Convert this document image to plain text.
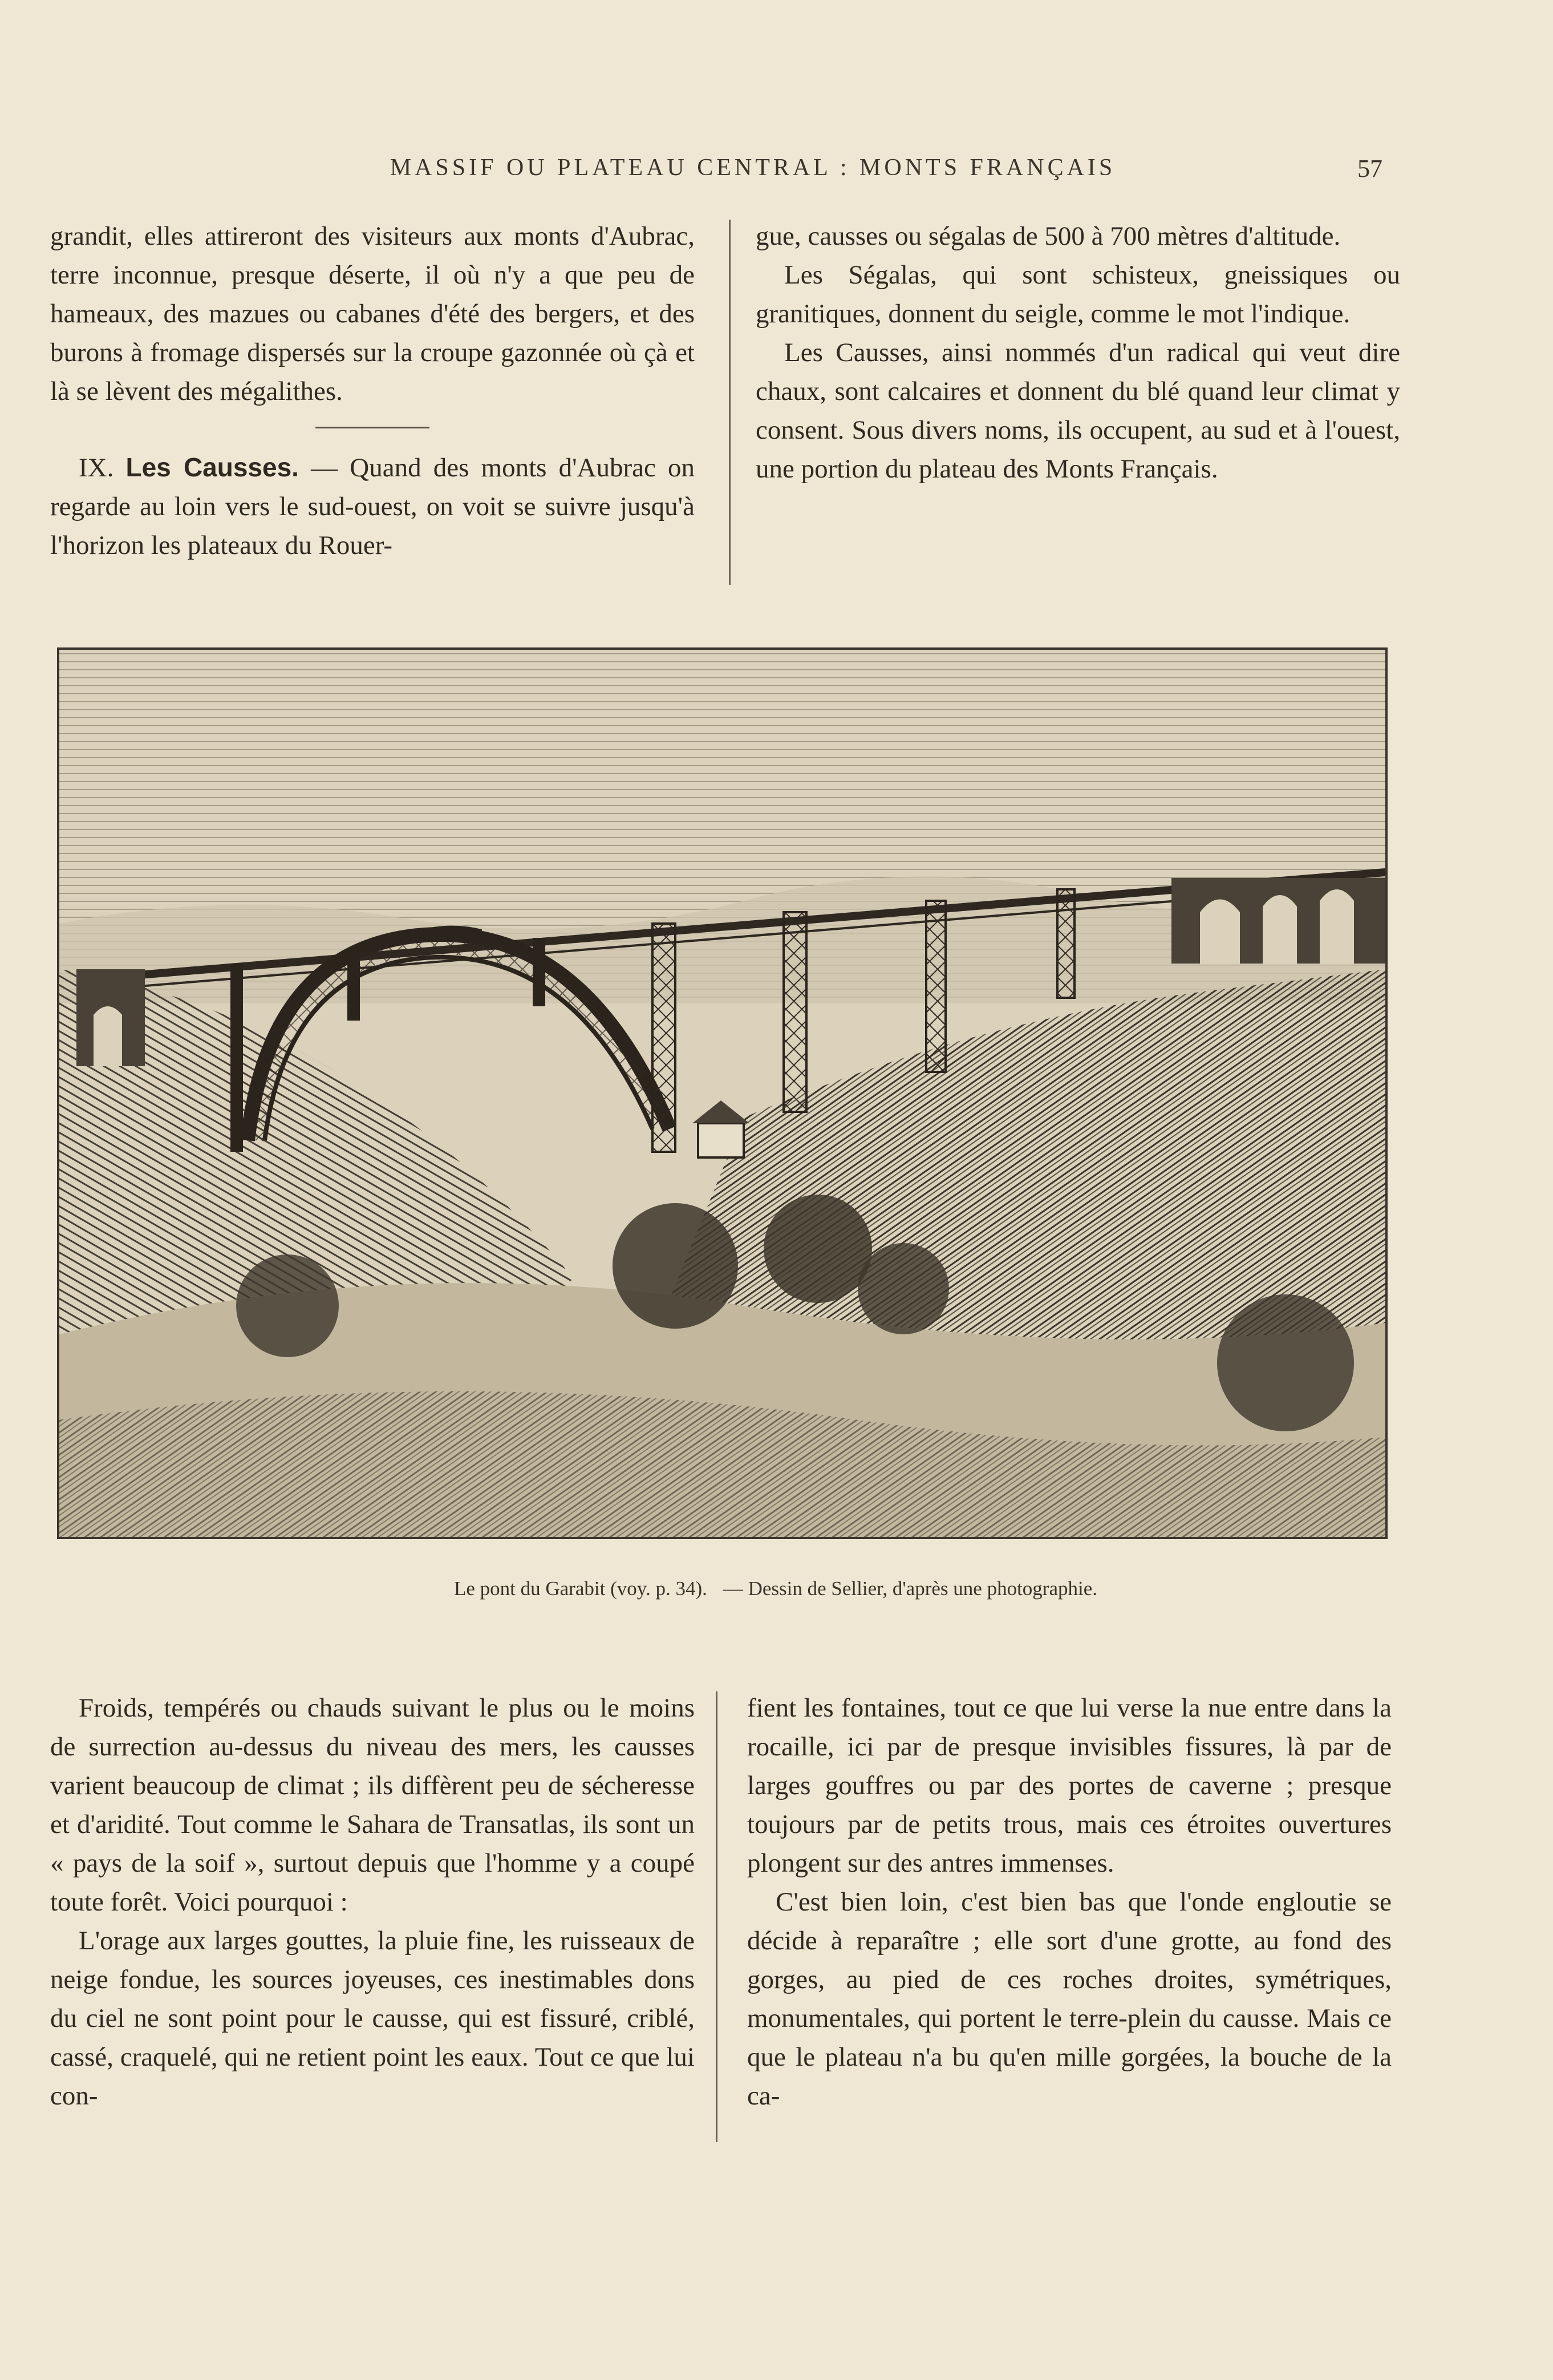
MASSIF OU PLATEAU CENTRAL : MONTS FRANÇAIS	57

grandit, elles attireront des visiteurs aux monts d'Aubrac, terre inconnue, presque déserte, il où n'y a que peu de hameaux, des mazues ou cabanes d'été des bergers, et des burons à fromage dispersés sur la croupe gazonnée où çà et là se lèvent des mégalithes.

IX. Les Causses. — Quand des monts d'Aubrac on regarde au loin vers le sud-ouest, on voit se suivre jusqu'à l'horizon les plateaux du Rouer-

gue, causses ou ségalas de 500 à 700 mètres d'altitude.

Les Ségalas, qui sont schisteux, gneissiques ou granitiques, donnent du seigle, comme le mot l'indique.

Les Causses, ainsi nommés d'un radical qui veut dire chaux, sont calcaires et donnent du blé quand leur climat y consent. Sous divers noms, ils occupent, au sud et à l'ouest, une portion du plateau des Monts Français.

Le pont du Garabit (voy. p. 34). — Dessin de Sellier, d'après une photographie.

Froids, tempérés ou chauds suivant le plus ou le moins de surrection au-dessus du niveau des mers, les causses varient beaucoup de climat ; ils diffèrent peu de sécheresse et d'aridité. Tout comme le Sahara de Transatlas, ils sont un « pays de la soif », surtout depuis que l'homme y a coupé toute forêt. Voici pourquoi :

L'orage aux larges gouttes, la pluie fine, les ruisseaux de neige fondue, les sources joyeuses, ces inestimables dons du ciel ne sont point pour le causse, qui est fissuré, criblé, cassé, craquelé, qui ne retient point les eaux. Tout ce que lui con-

fient les fontaines, tout ce que lui verse la nue entre dans la rocaille, ici par de presque invisibles fissures, là par de larges gouffres ou par des portes de caverne ; presque toujours par de petits trous, mais ces étroites ouvertures plongent sur des antres immenses.

C'est bien loin, c'est bien bas que l'onde engloutie se décide à reparaître ; elle sort d'une grotte, au fond des gorges, au pied de ces roches droites, symétriques, monumentales, qui portent le terre-plein du causse. Mais ce que le plateau n'a bu qu'en mille gorgées, la bouche de la ca-
